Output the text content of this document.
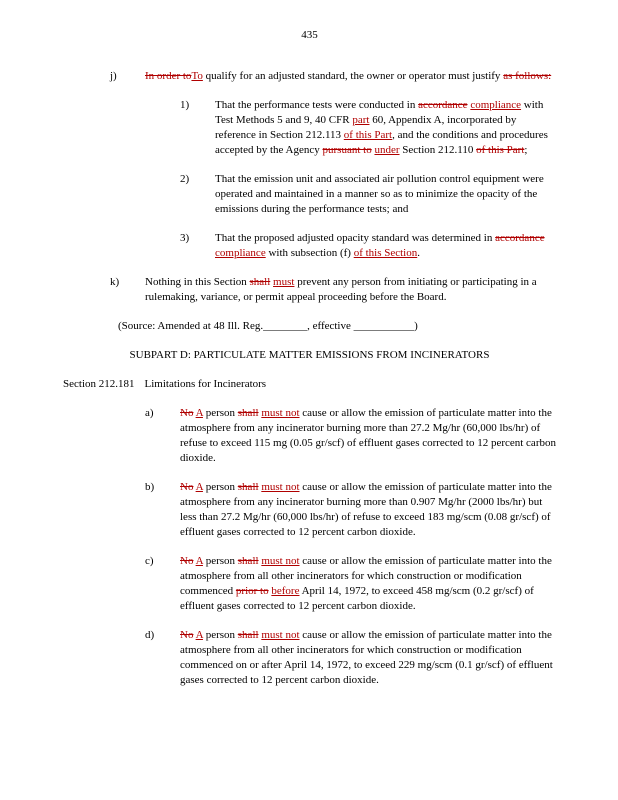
435
j)	In order toTo qualify for an adjusted standard, the owner or operator must justify as follows:
1)	That the performance tests were conducted in accordance compliance with Test Methods 5 and 9, 40 CFR part 60, Appendix A, incorporated by reference in Section 212.113 of this Part, and the conditions and procedures accepted by the Agency pursuant to under Section 212.110 of this Part;
2)	That the emission unit and associated air pollution control equipment were operated and maintained in a manner so as to minimize the opacity of the emissions during the performance tests; and
3)	That the proposed adjusted opacity standard was determined in accordance compliance with subsection (f) of this Section.
k)	Nothing in this Section shall must prevent any person from initiating or participating in a rulemaking, variance, or permit appeal proceeding before the Board.
(Source: Amended at 48 Ill. Reg.________, effective ___________)
SUBPART D: PARTICULATE MATTER EMISSIONS FROM INCINERATORS
Section 212.181 Limitations for Incinerators
a)	No A person shall must not cause or allow the emission of particulate matter into the atmosphere from any incinerator burning more than 27.2 Mg/hr (60,000 lbs/hr) of refuse to exceed 115 mg (0.05 gr/scf) of effluent gases corrected to 12 percent carbon dioxide.
b)	No A person shall must not cause or allow the emission of particulate matter into the atmosphere from any incinerator burning more than 0.907 Mg/hr (2000 lbs/hr) but less than 27.2 Mg/hr (60,000 lbs/hr) of refuse to exceed 183 mg/scm (0.08 gr/scf) of effluent gases corrected to 12 percent carbon dioxide.
c)	No A person shall must not cause or allow the emission of particulate matter into the atmosphere from all other incinerators for which construction or modification commenced prior to before April 14, 1972, to exceed 458 mg/scm (0.2 gr/scf) of effluent gases corrected to 12 percent carbon dioxide.
d)	No A person shall must not cause or allow the emission of particulate matter into the atmosphere from all other incinerators for which construction or modification commenced on or after April 14, 1972, to exceed 229 mg/scm (0.1 gr/scf) of effluent gases corrected to 12 percent carbon dioxide.
